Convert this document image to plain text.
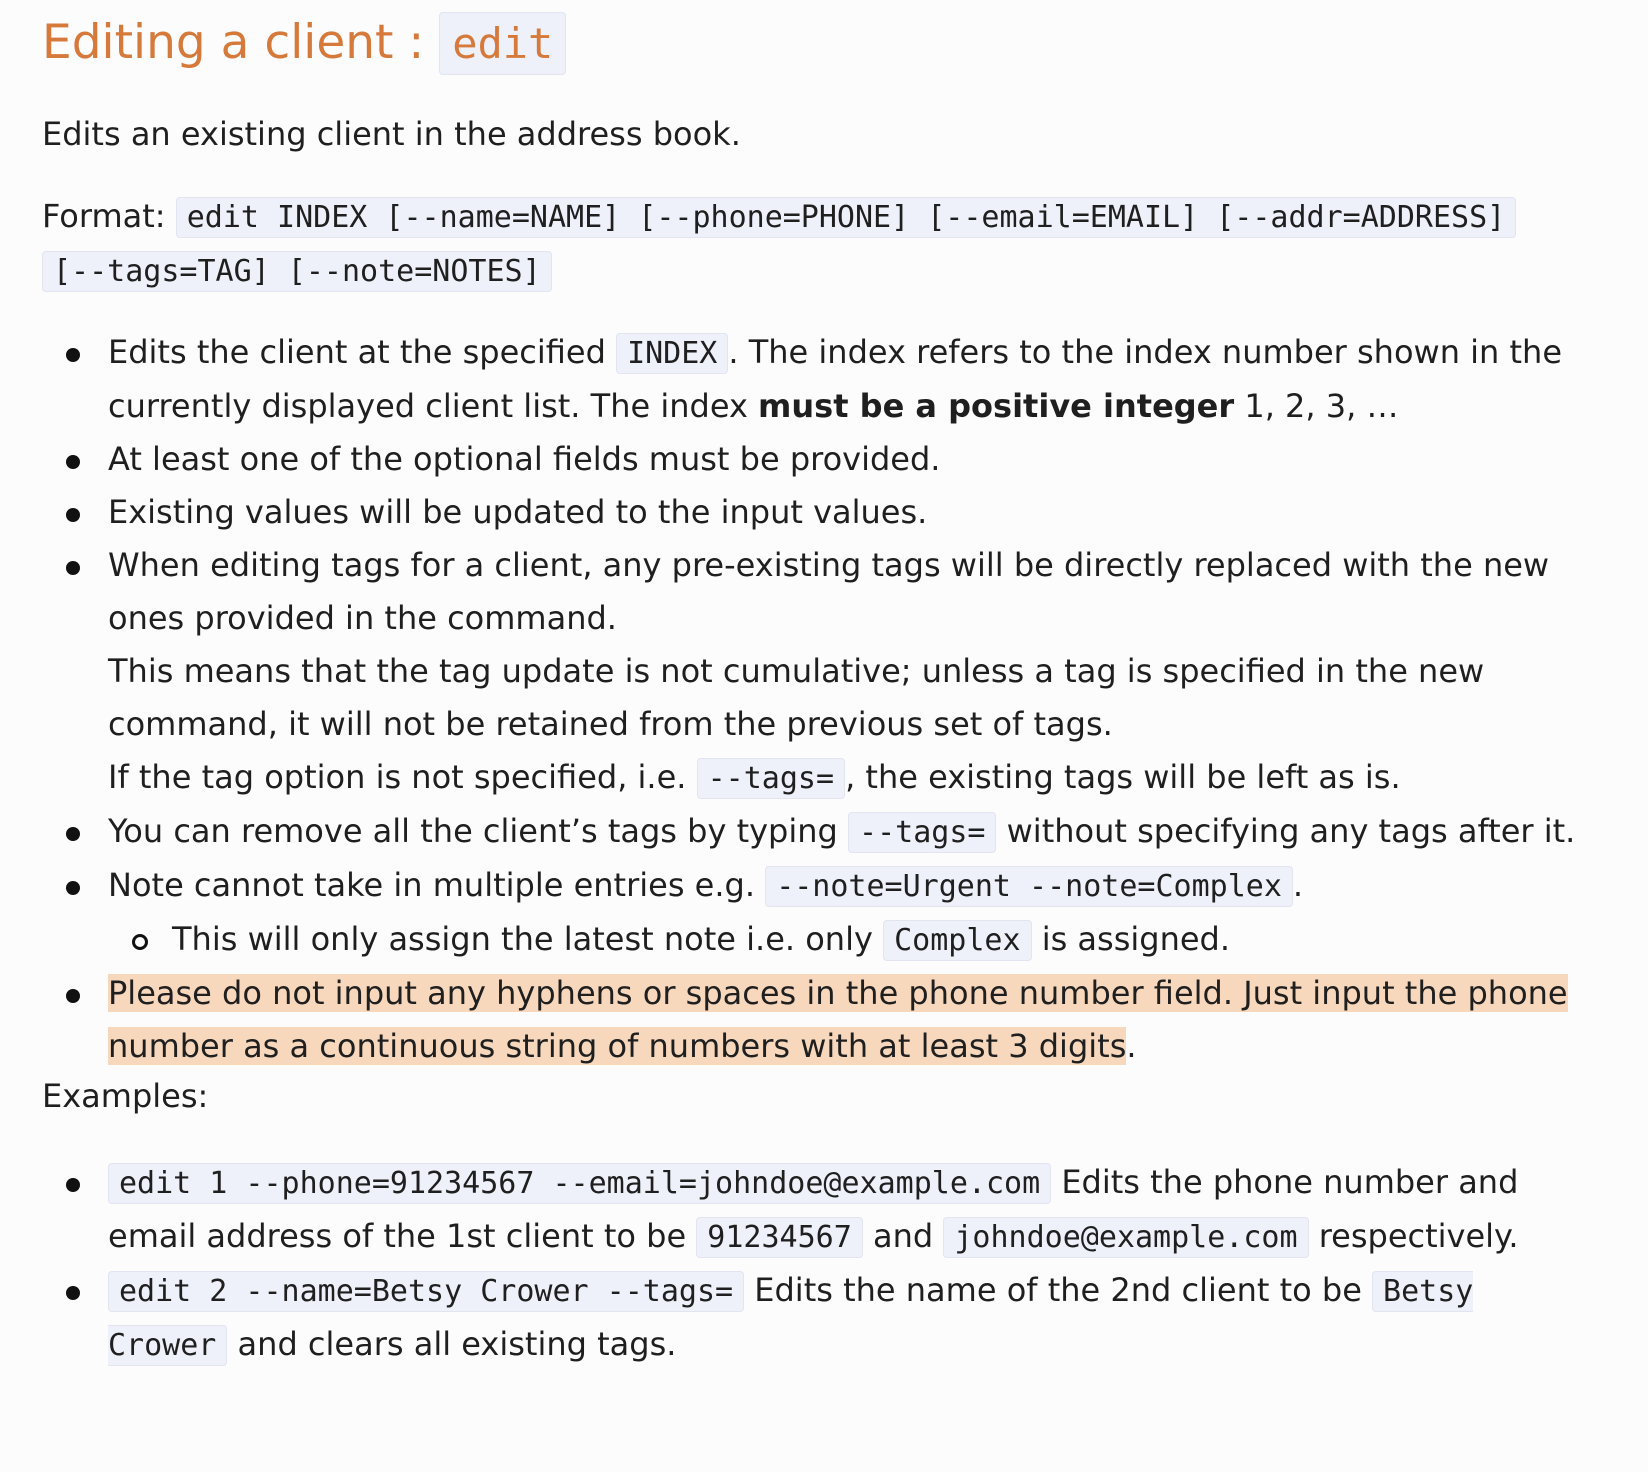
Editing a client : edit

Edits an existing client in the address book.

Format: edit INDEX [--name=NAME] [--phone=PHONE] [--email=EMAIL] [--addr=ADDRESS]
[--tags=TAG] [--note=NOTES]

Edits the client at the specified INDEX . The index refers to the index number shown in the currently displayed client list. The index must be a positive integer 1, 2, 3, …
At least one of the optional fields must be provided.
Existing values will be updated to the input values.
When editing tags for a client, any pre-existing tags will be directly replaced with the new ones provided in the command.
This means that the tag update is not cumulative; unless a tag is specified in the new command, it will not be retained from the previous set of tags.
If the tag option is not specified, i.e. --tags= , the existing tags will be left as is.
You can remove all the client’s tags by typing --tags= without specifying any tags after it.
Note cannot take in multiple entries e.g. --note=Urgent --note=Complex .
This will only assign the latest note i.e. only Complex is assigned.
Please do not input any hyphens or spaces in the phone number field. Just input the phone number as a continuous string of numbers with at least 3 digits.

Examples:

edit 1 --phone=91234567 --email=johndoe@example.com Edits the phone number and email address of the 1st client to be 91234567 and johndoe@example.com respectively.
edit 2 --name=Betsy Crower --tags= Edits the name of the 2nd client to be Betsy Crower and clears all existing tags.
